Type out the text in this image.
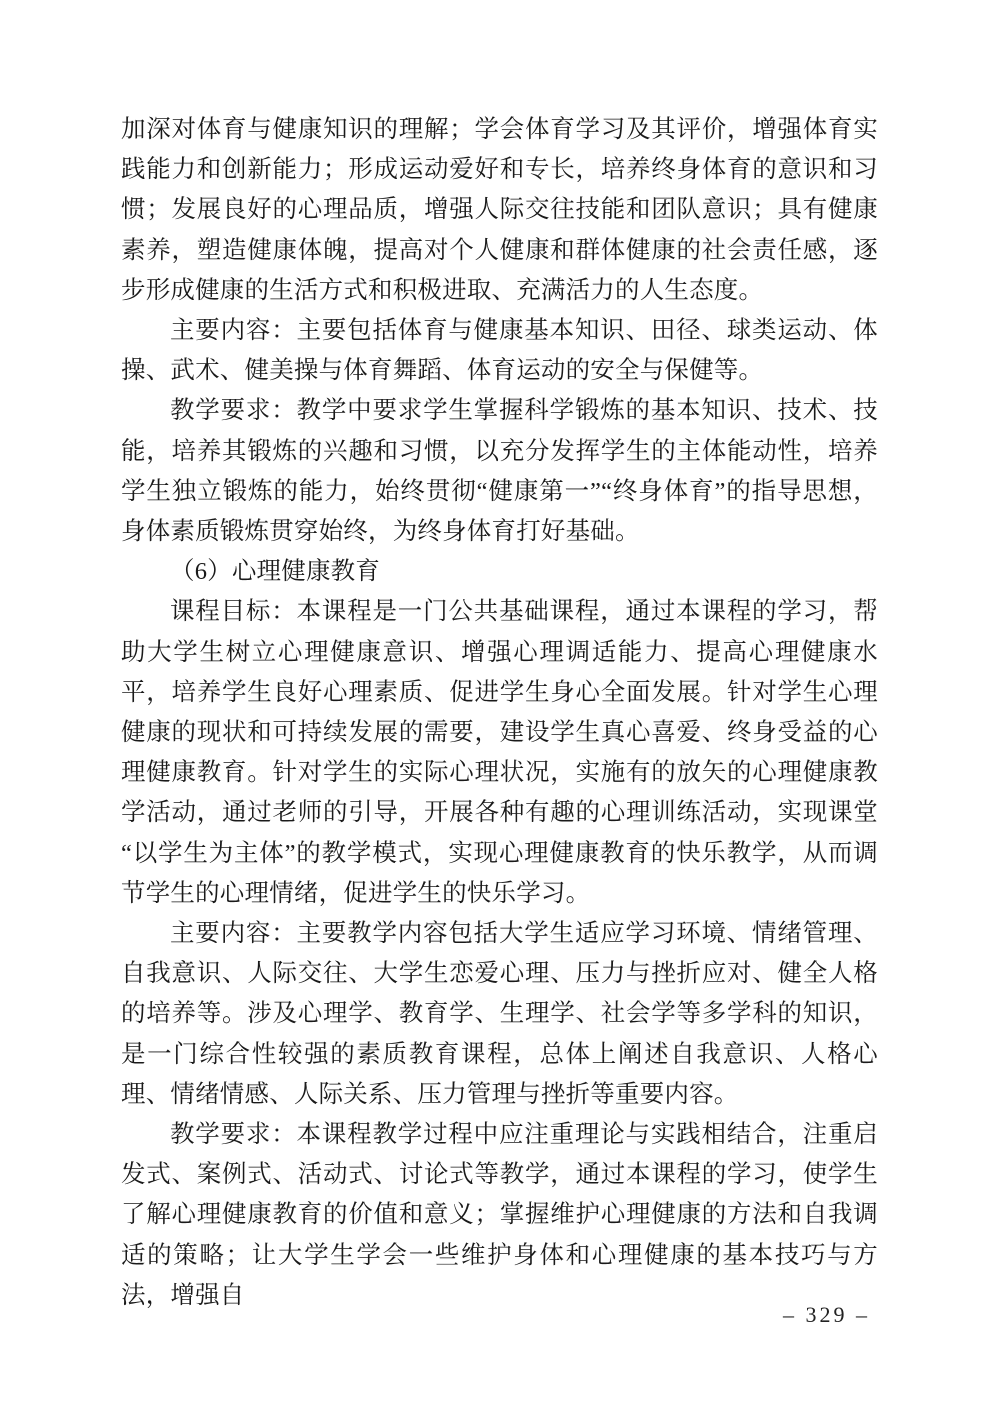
加深对体育与健康知识的理解；学会体育学习及其评价，增强体育实践能力和创新能力；形成运动爱好和专长，培养终身体育的意识和习惯；发展良好的心理品质，增强人际交往技能和团队意识；具有健康素养，塑造健康体魄，提高对个人健康和群体健康的社会责任感，逐步形成健康的生活方式和积极进取、充满活力的人生态度。

主要内容：主要包括体育与健康基本知识、田径、球类运动、体操、武术、健美操与体育舞蹈、体育运动的安全与保健等。

教学要求：教学中要求学生掌握科学锻炼的基本知识、技术、技能，培养其锻炼的兴趣和习惯，以充分发挥学生的主体能动性，培养学生独立锻炼的能力，始终贯彻“健康第一”“终身体育”的指导思想，身体素质锻炼贯穿始终，为终身体育打好基础。

（6）心理健康教育

课程目标：本课程是一门公共基础课程，通过本课程的学习，帮助大学生树立心理健康意识、增强心理调适能力、提高心理健康水平，培养学生良好心理素质、促进学生身心全面发展。针对学生心理健康的现状和可持续发展的需要，建设学生真心喜爱、终身受益的心理健康教育。针对学生的实际心理状况，实施有的放矢的心理健康教学活动，通过老师的引导，开展各种有趣的心理训练活动，实现课堂“以学生为主体”的教学模式，实现心理健康教育的快乐教学，从而调节学生的心理情绪，促进学生的快乐学习。

主要内容：主要教学内容包括大学生适应学习环境、情绪管理、自我意识、人际交往、大学生恋爱心理、压力与挫折应对、健全人格的培养等。涉及心理学、教育学、生理学、社会学等多学科的知识，是一门综合性较强的素质教育课程，总体上阐述自我意识、人格心理、情绪情感、人际关系、压力管理与挫折等重要内容。

教学要求：本课程教学过程中应注重理论与实践相结合，注重启发式、案例式、活动式、讨论式等教学，通过本课程的学习，使学生了解心理健康教育的价值和意义；掌握维护心理健康的方法和自我调适的策略；让大学生学会一些维护身体和心理健康的基本技巧与方法，增强自

– 329 –
